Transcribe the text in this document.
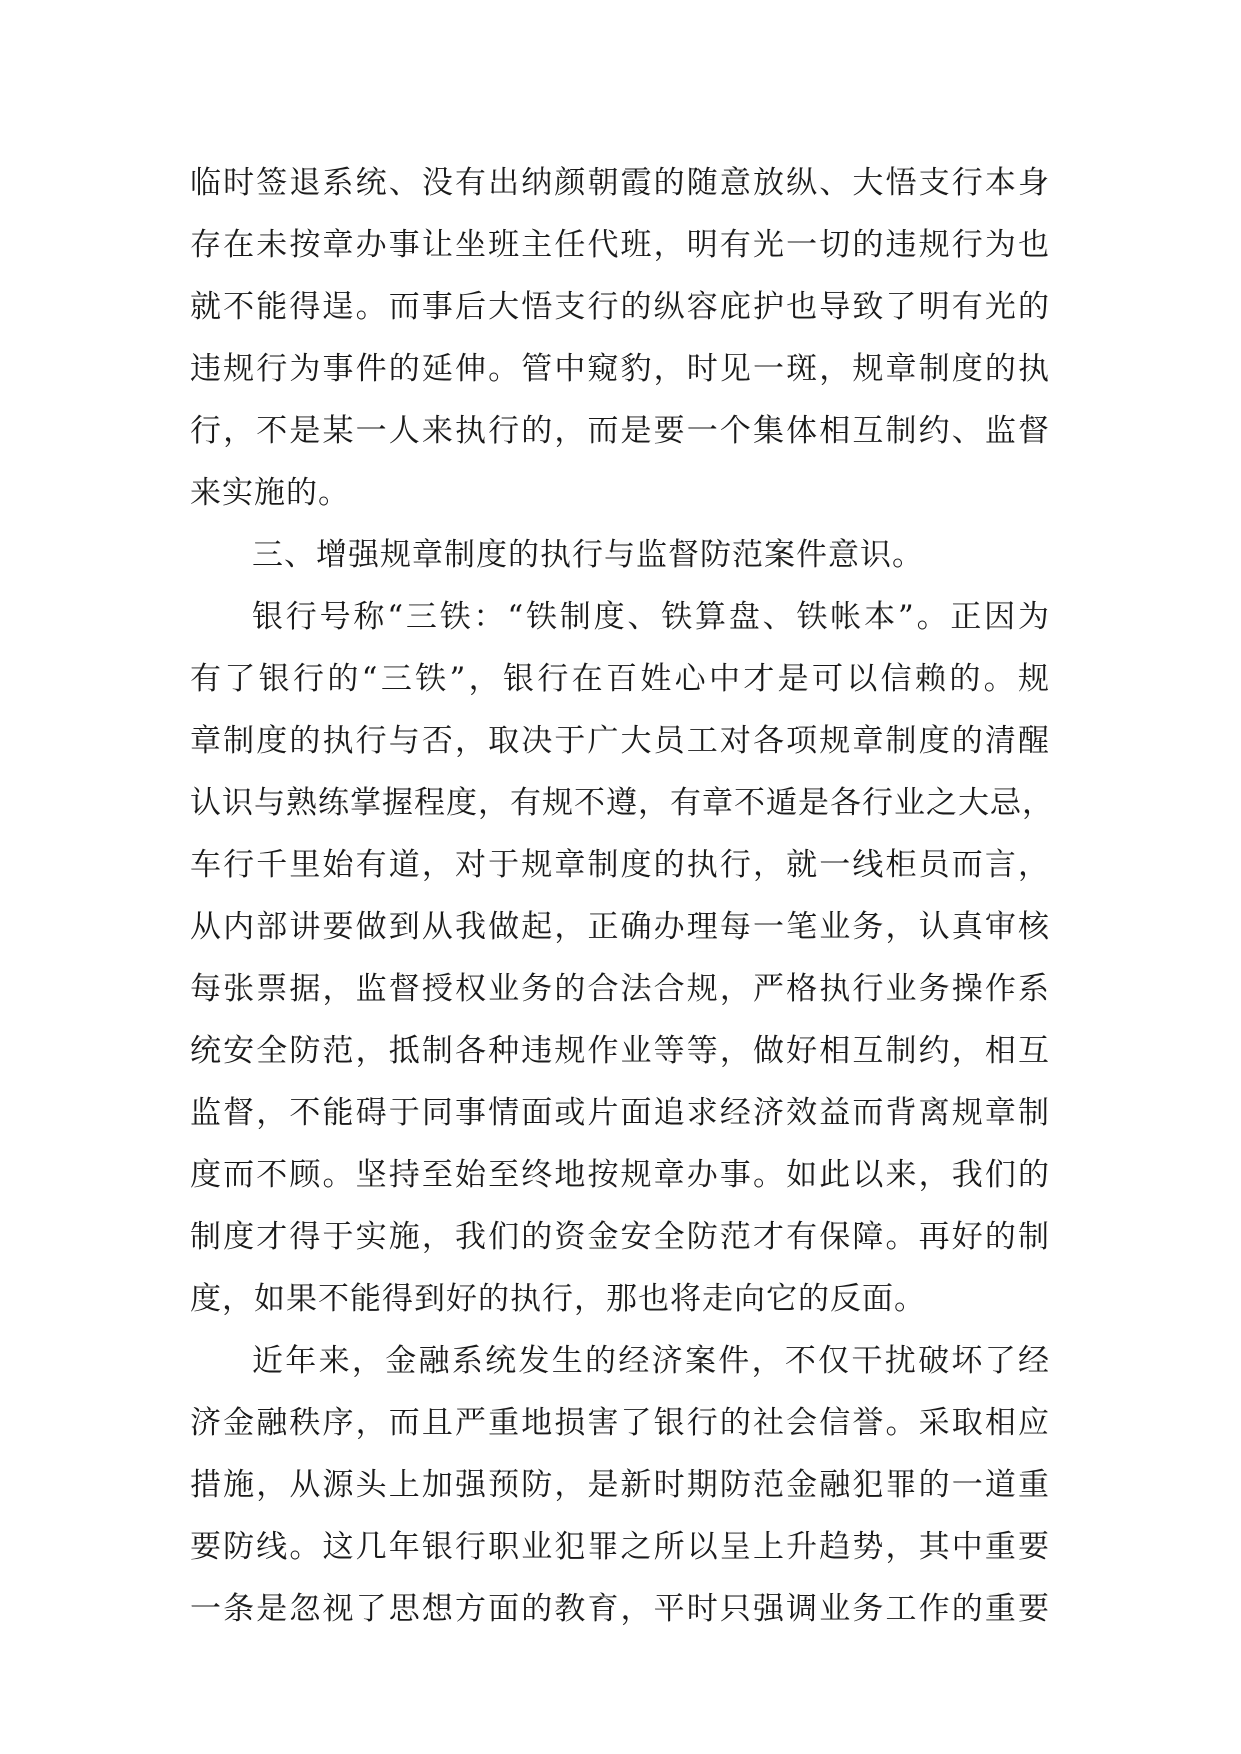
临时签退系统、没有出纳颜朝霞的随意放纵、大悟支行本身
存在未按章办事让坐班主任代班，明有光一切的违规行为也
就不能得逞。而事后大悟支行的纵容庇护也导致了明有光的
违规行为事件的延伸。管中窥豹，时见一斑，规章制度的执
行，不是某一人来执行的，而是要一个集体相互制约、监督
来实施的。
三、增强规章制度的执行与监督防范案件意识。
银行号称“三铁：“铁制度、铁算盘、铁帐本”。正因为
有了银行的“三铁”，银行在百姓心中才是可以信赖的。规
章制度的执行与否，取决于广大员工对各项规章制度的清醒
认识与熟练掌握程度，有规不遵，有章不遁是各行业之大忌，
车行千里始有道，对于规章制度的执行，就一线柜员而言，
从内部讲要做到从我做起，正确办理每一笔业务，认真审核
每张票据，监督授权业务的合法合规，严格执行业务操作系
统安全防范，抵制各种违规作业等等，做好相互制约，相互
监督，不能碍于同事情面或片面追求经济效益而背离规章制
度而不顾。坚持至始至终地按规章办事。如此以来，我们的
制度才得于实施，我们的资金安全防范才有保障。再好的制
度，如果不能得到好的执行，那也将走向它的反面。
近年来，金融系统发生的经济案件，不仅干扰破坏了经
济金融秩序，而且严重地损害了银行的社会信誉。采取相应
措施，从源头上加强预防，是新时期防范金融犯罪的一道重
要防线。这几年银行职业犯罪之所以呈上升趋势，其中重要
一条是忽视了思想方面的教育，平时只强调业务工作的重要
